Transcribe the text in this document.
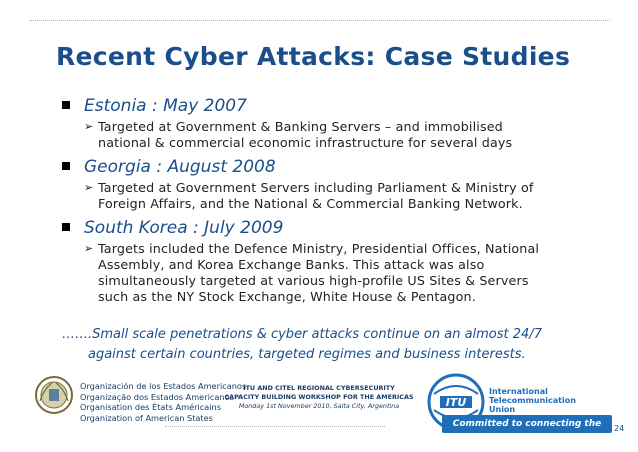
Recent Cyber Attacks: Case Studies
Estonia : May 2007
➢ Targeted at Government & Banking Servers – and immobilised
national & commercial economic infrastructure for several days
Georgia : August 2008
➢ Targeted at Government Servers including Parliament & Ministry of
Foreign Affairs, and the National & Commercial Banking Network.
South Korea : July 2009
➢ Targets included the Defence Ministry, Presidential Offices, National
Assembly, and Korea Exchange Banks. This attack was also
simultaneously targeted at various high-profile US Sites & Servers
such as the NY Stock Exchange, White House & Pentagon.
…….Small scale penetrations & cyber attacks continue on an almost 24/7
against certain countries, targeted regimes and business interests.
Organización de los Estados Americanos
Organização dos Estados Americanos
Organisation des États Américains
Organization of American States
ITU AND CITEL REGIONAL CYBERSECURITY
CAPACITY BUILDING WORKSHOP FOR THE AMERICAS
Monday 1st November 2010, Salta City, Argentina	ITU
International
Telecommunication
Union
Committed to connecting the world
24
